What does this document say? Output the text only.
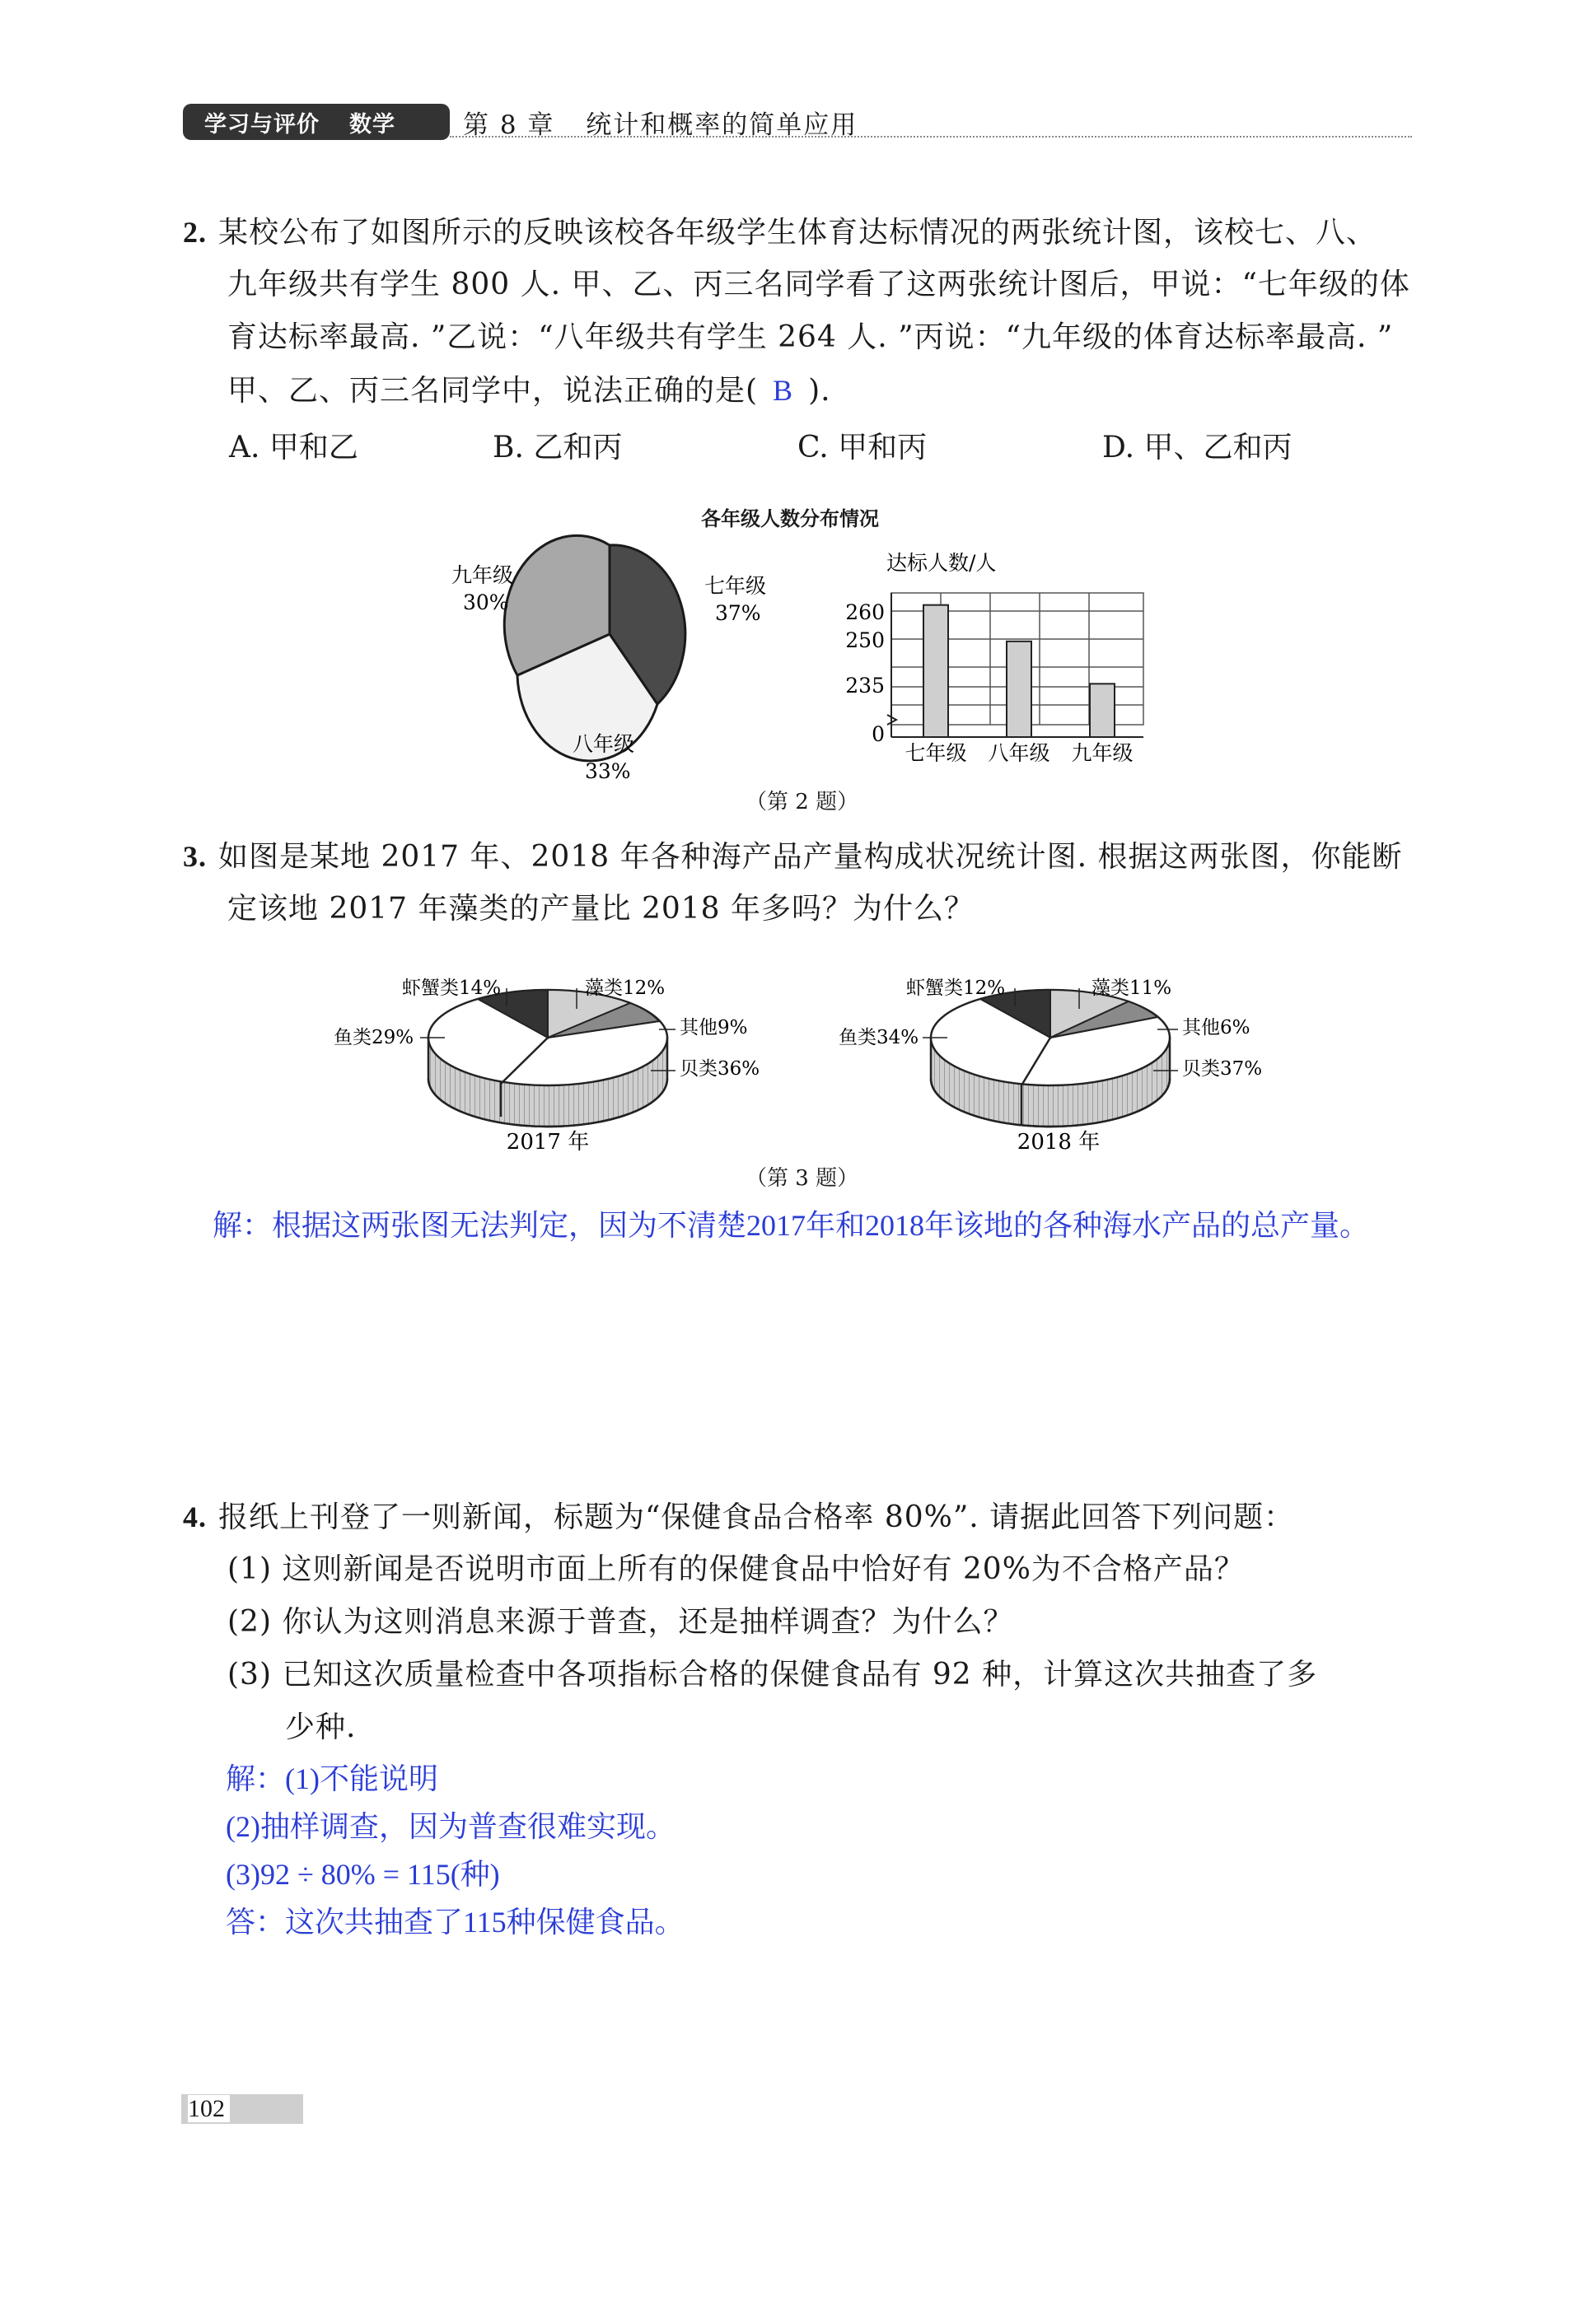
学习与评价 数学	第 8 章 统计和概率的简单应用
2. 某校公布了如图所示的反映该校各年级学生体育达标情况的两张统计图，该校七、八、
九年级共有学生 800 人. 甲、乙、丙三名同学看了这两张统计图后，甲说：“七年级的体
育达标率最高. ”乙说：“八年级共有学生 264 人. ”丙说：“九年级的体育达标率最高. ”
甲、乙、丙三名同学中，说法正确的是( B ).
A. 甲和乙	B. 乙和丙	C. 甲和丙	D. 甲、乙和丙
各年级人数分布情况
七年级
37%
八年级
33%
九年级
30%
达标人数/人
260
250
235
0
七年级 八年级 九年级
（第 2 题）
3. 如图是某地 2017 年、2018 年各种海产品产量构成状况统计图. 根据这两张图，你能断
定该地 2017 年藻类的产量比 2018 年多吗？为什么？
虾蟹类14%	藻类12%
其他9%
贝类36%
鱼类29%
2017 年
虾蟹类12%	藻类11%
其他6%
贝类37%
鱼类34%
2018 年
（第 3 题）
解：根据这两张图无法判定，因为不清楚2017年和2018年该地的各种海水产品的总产量。
4. 报纸上刊登了一则新闻，标题为“保健食品合格率 80%”. 请据此回答下列问题：
(1) 这则新闻是否说明市面上所有的保健食品中恰好有 20%为不合格产品？
(2) 你认为这则消息来源于普查，还是抽样调查？为什么？
(3) 已知这次质量检查中各项指标合格的保健食品有 92 种，计算这次共抽查了多
少种.
解：(1)不能说明
(2)抽样调查，因为普查很难实现。
(3)92 ÷ 80% = 115(种)
答：这次共抽查了115种保健食品。
102
